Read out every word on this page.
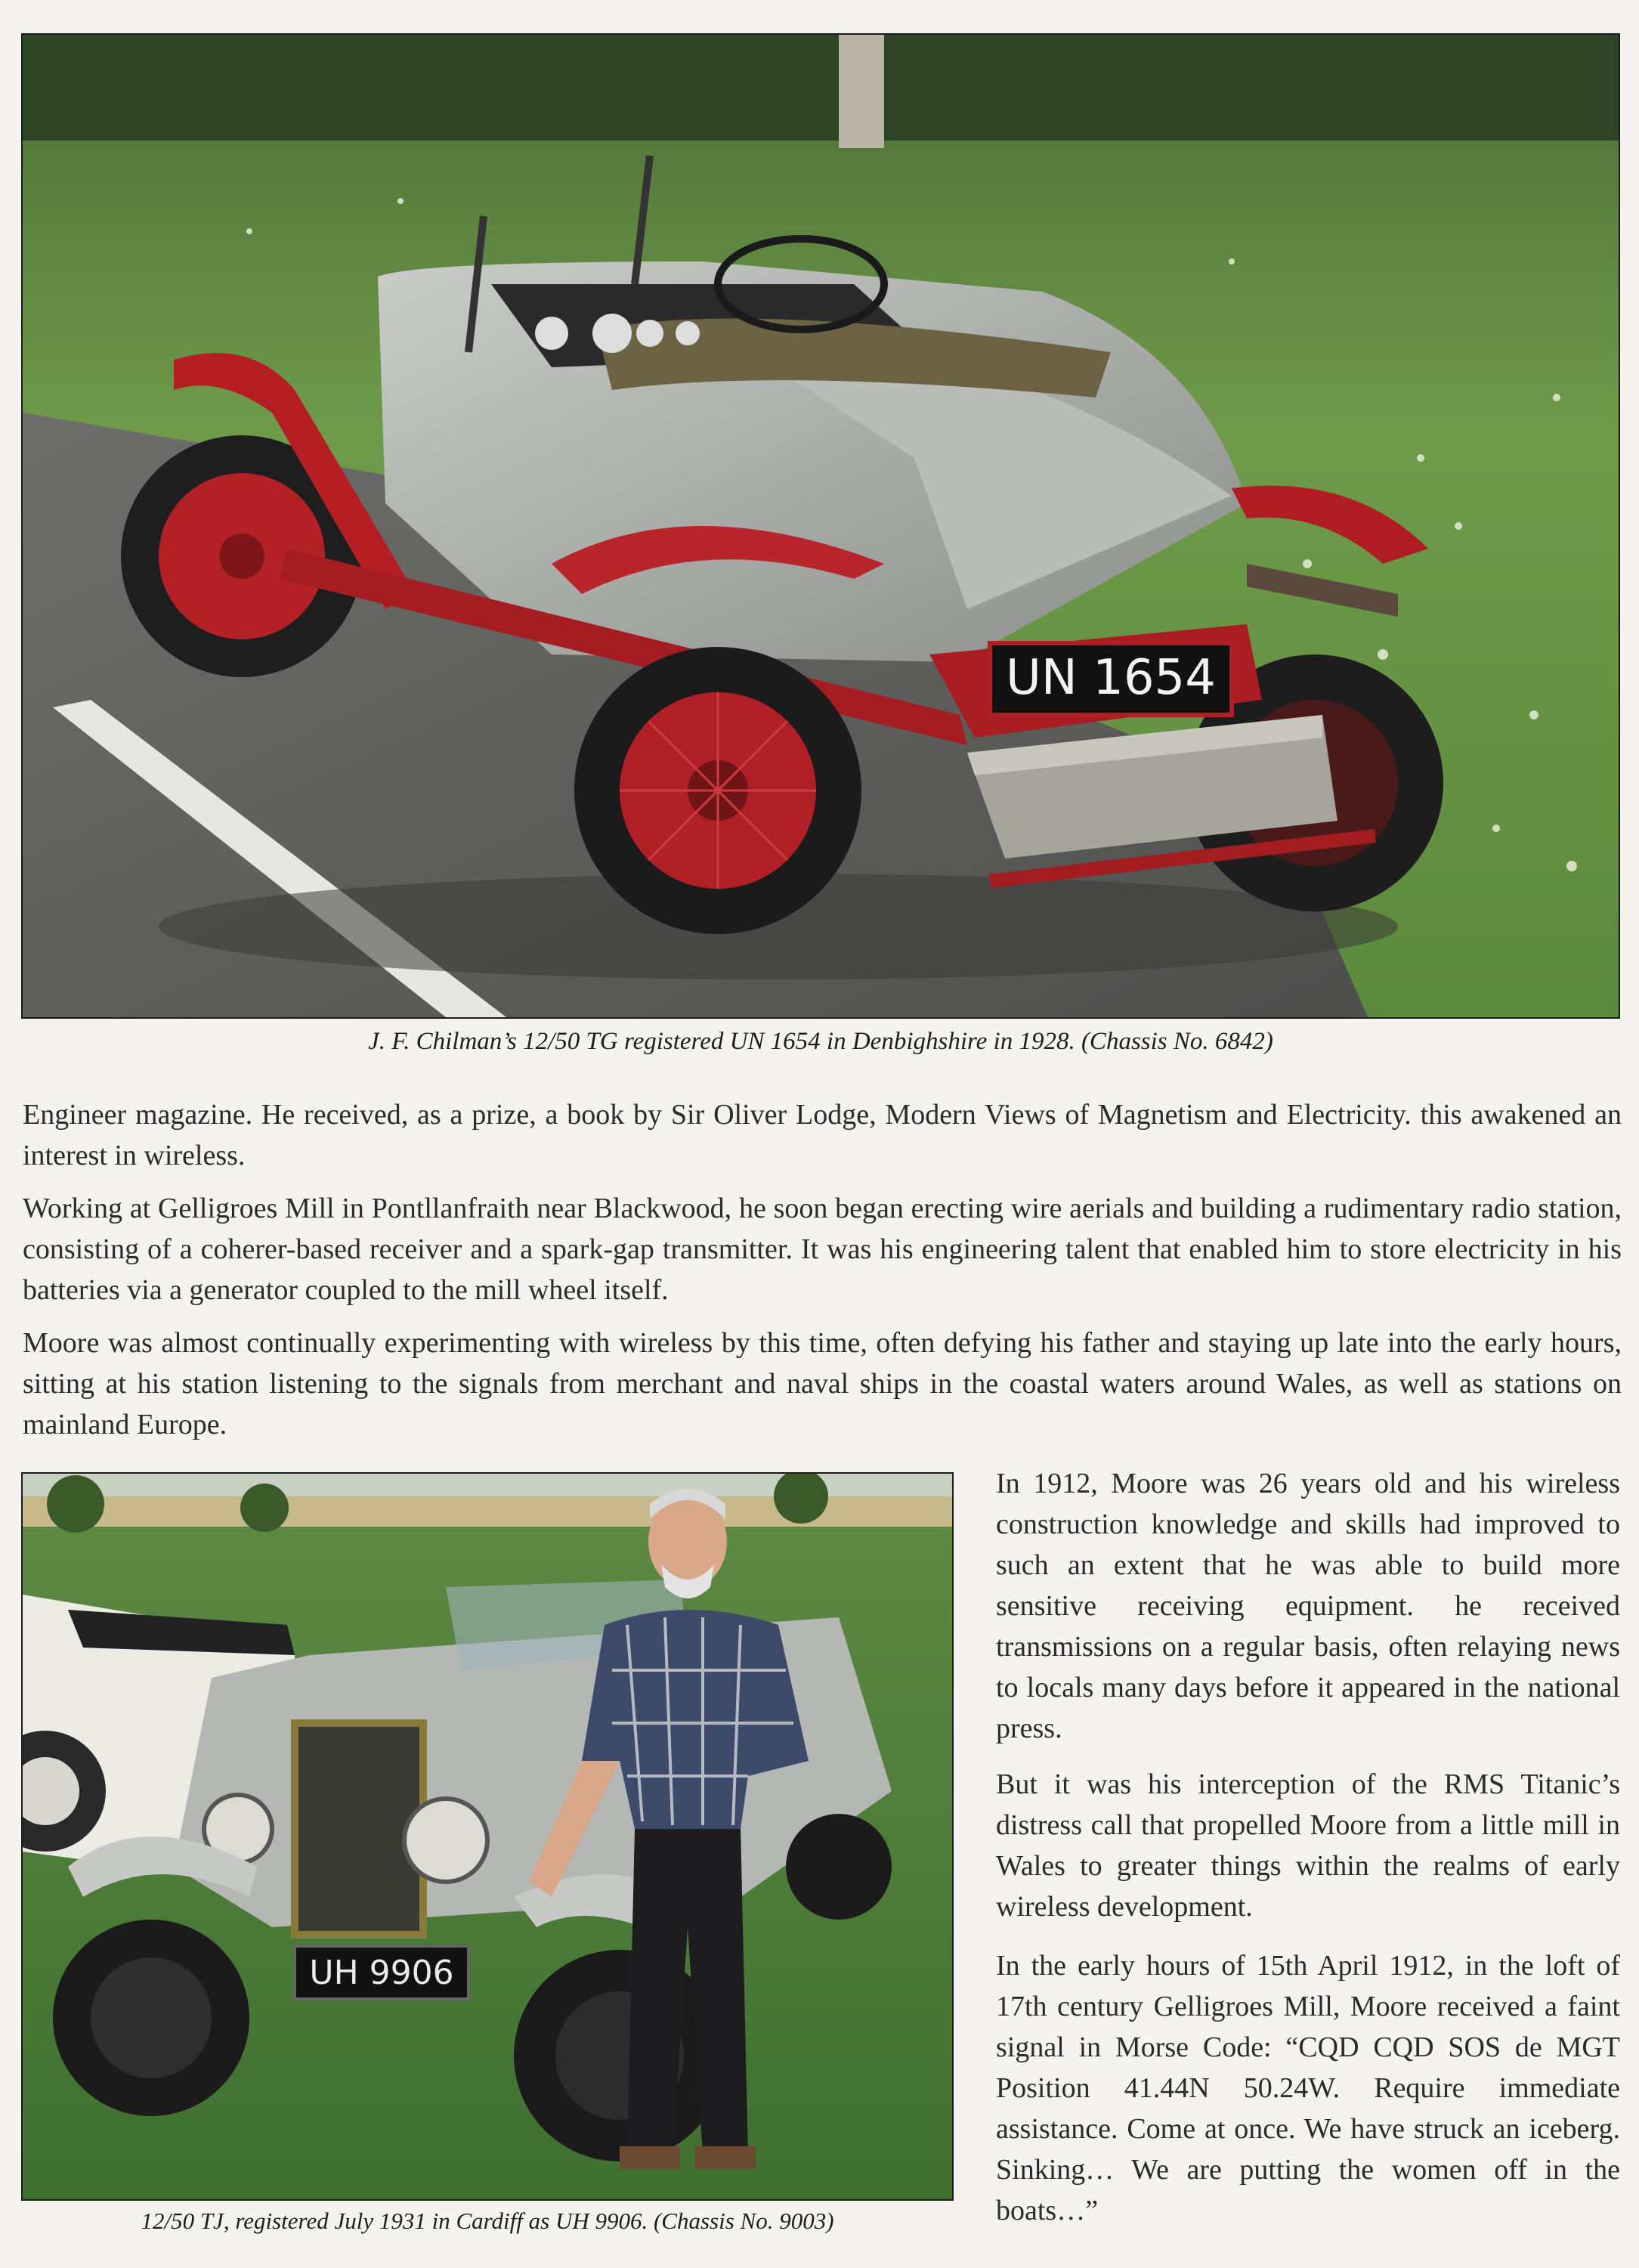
UN 1654
J. F. Chilman’s 12/50 TG registered UN 1654 in Denbighshire in 1928. (Chassis No. 6842)

Engineer magazine. He received, as a prize, a book by Sir Oliver Lodge, Modern Views of Magnetism and Electricity. this awakened an interest in wireless.

Working at Gelligroes Mill in Pontllanfraith near Blackwood, he soon began erecting wire aerials and building a rudimentary radio station, consisting of a coherer-based receiver and a spark-gap transmitter. It was his engineering talent that enabled him to store electricity in his batteries via a generator coupled to the mill wheel itself.

Moore was almost continually experimenting with wireless by this time, often defying his father and staying up late into the early hours, sitting at his station listening to the signals from merchant and naval ships in the coastal waters around Wales, as well as stations on mainland Europe.

UH 9906
12/50 TJ, registered July 1931 in Cardiff as UH 9906. (Chassis No. 9003)

In 1912, Moore was 26 years old and his wireless construction knowledge and skills had improved to such an extent that he was able to build more sensitive receiving equipment. he received transmissions on a regular basis, often relaying news to locals many days before it appeared in the national press.

But it was his interception of the RMS Titanic’s distress call that propelled Moore from a little mill in Wales to greater things within the realms of early wireless development.

In the early hours of 15th April 1912, in the loft of 17th century Gelligroes Mill, Moore received a faint signal in Morse Code: “CQD CQD SOS de MGT Position 41.44N 50.24W. Require immediate assistance. Come at once. We have struck an iceberg. Sinking… We are putting the women off in the boats…”
